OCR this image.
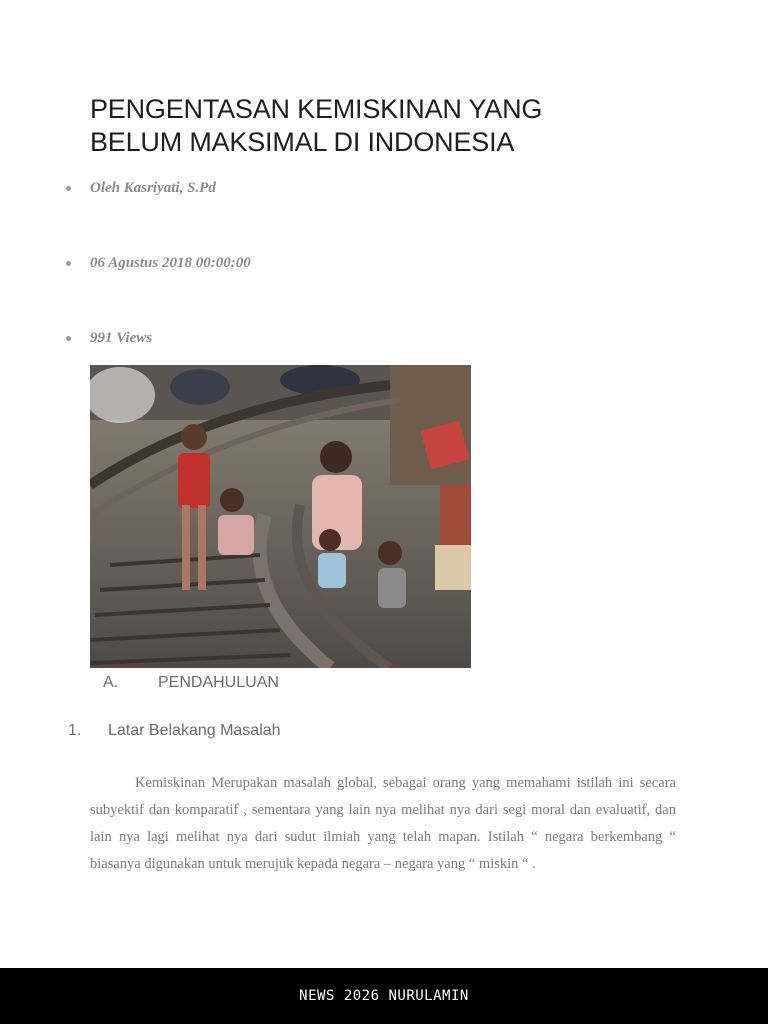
PENGENTASAN KEMISKINAN YANG
BELUM MAKSIMAL DI INDONESIA
Oleh Kasriyati, S.Pd
06 Agustus 2018 00:00:00
991 Views
A.	PENDAHULUAN
1.	Latar Belakang Masalah
Kemiskinan Merupakan masalah global, sebagai orang yang memahami istilah ini secara subyektif dan komparatif , sementara yang lain nya melihat nya dari segi moral dan evaluatif, dan lain nya lagi melihat nya dari sudut ilmiah yang telah mapan. Istilah “ negara berkembang “ biasanya digunakan untuk merujuk kepada negara – negara yang “ miskin “ .
NEWS 2026 NURULAMIN
